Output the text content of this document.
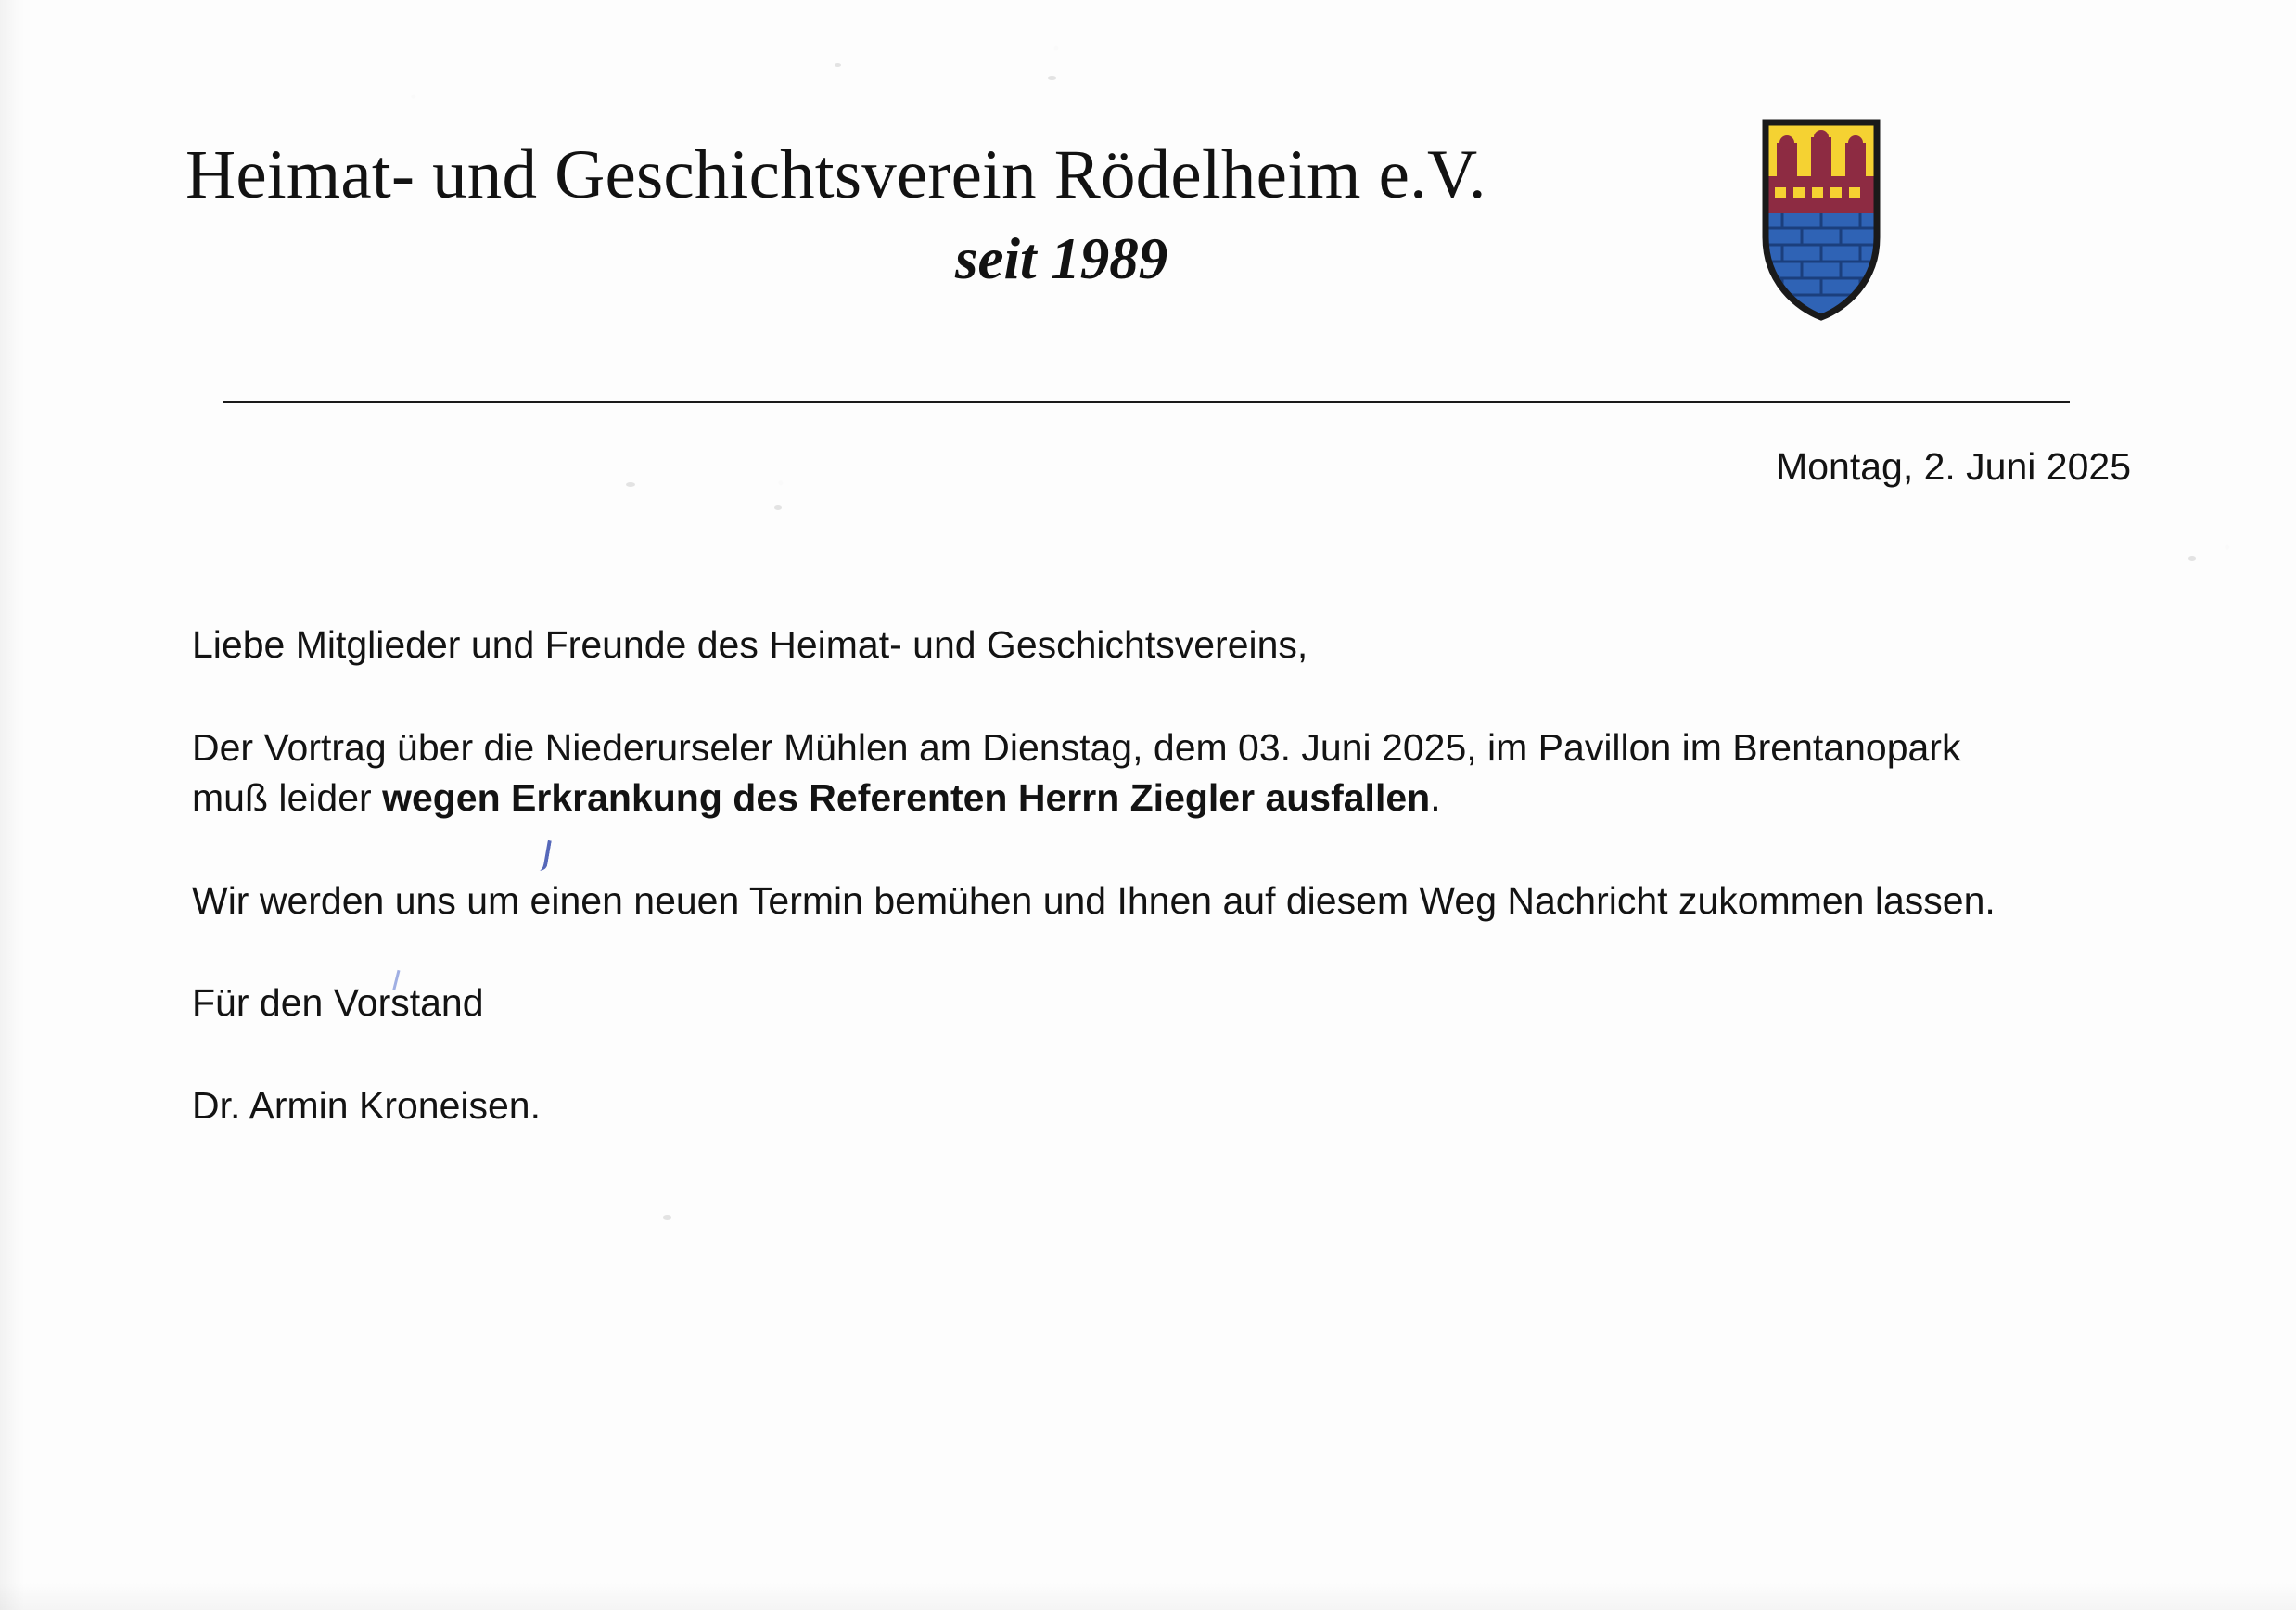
Heimat- und Geschichtsverein Rödelheim e.V.
seit 1989
Montag, 2. Juni 2025

Liebe Mitglieder und Freunde des Heimat- und Geschichtsvereins,

Der Vortrag über die Niederurseler Mühlen am Dienstag, dem 03. Juni 2025, im Pavillon im Brentanopark muß leider wegen Erkrankung des Referenten Herrn Ziegler ausfallen.

Wir werden uns um einen neuen Termin bemühen und Ihnen auf diesem Weg Nachricht zukommen lassen.

Für den Vorstand

Dr. Armin Kroneisen.
